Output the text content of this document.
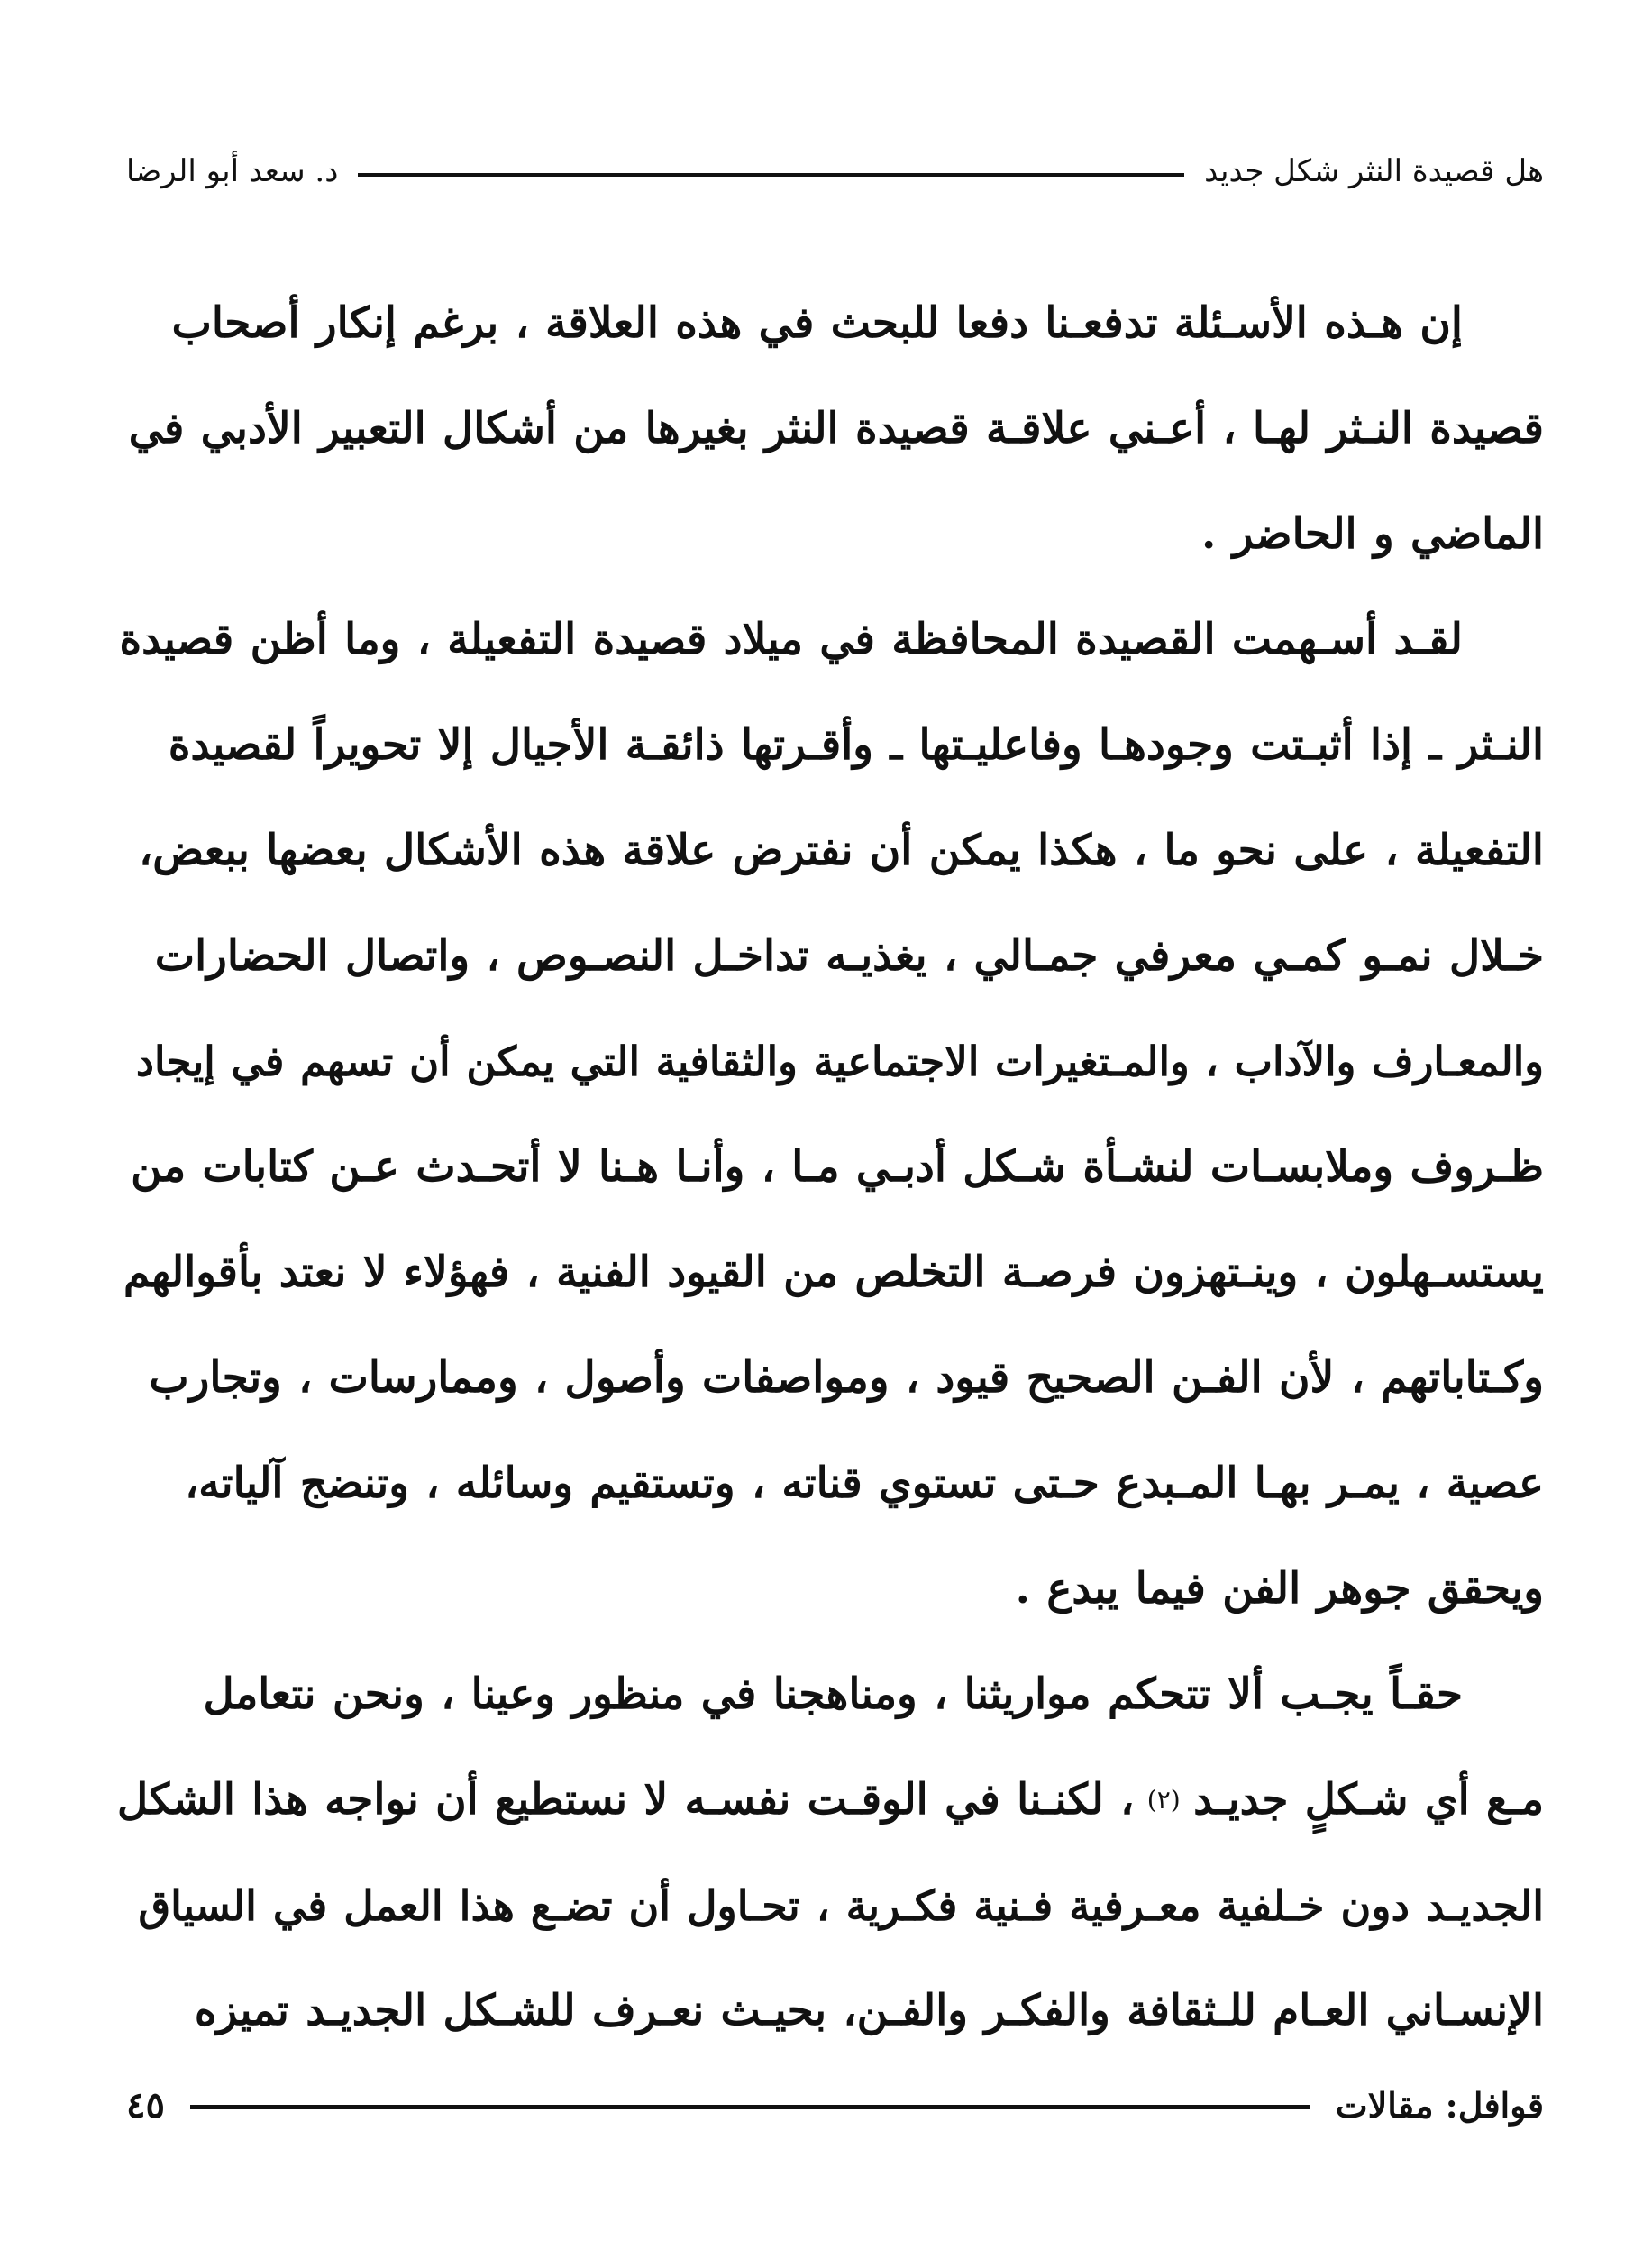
هل قصيدة النثر شكل جديد
د. سعد أبو الرضا
إن هـذه الأسـئلة تدفعـنا دفعا للبحث في هذه العلاقة ، برغم إنكار أصحاب
قصيدة النـثر لهـا ، أعـني علاقـة قصيدة النثر بغيرها من أشكال التعبير الأدبي في
الماضي و الحاضر .
لقـد أسـهمت القصيدة المحافظة في ميلاد قصيدة التفعيلة ، وما أظن قصيدة
النـثر ـ إذا أثبـتت وجودهـا وفاعليـتها ـ وأقـرتها ذائقـة الأجيال إلا تحويراً لقصيدة
التفعيلة ، على نحو ما ، هكذا يمكن أن نفترض علاقة هذه الأشكال بعضها ببعض،
خـلال نمـو كمـي معرفي جمـالي ، يغذيـه تداخـل النصـوص ، واتصال الحضارات
والمعـارف والآداب ، والمـتغيرات الاجتماعية والثقافية التي يمكن أن تسهم في إيجاد
ظـروف وملابسـات لنشـأة شـكل أدبـي مـا ، وأنـا هـنا لا أتحـدث عـن كتابات من
يستسـهلون ، وينـتهزون فرصـة التخلص من القيود الفنية ، فهؤلاء لا نعتد بأقوالهم
وكـتاباتهم ، لأن الفـن الصحيح قيود ، ومواصفات وأصول ، وممارسات ، وتجارب
عصية ، يمـر بهـا المـبدع حـتى تستوي قناته ، وتستقيم وسائله ، وتنضج آلياته،
ويحقق جوهر الفن فيما يبدع .
حقـاً يجـب ألا تتحكم مواريثنا ، ومناهجنا في منظور وعينا ، ونحن نتعامل
مـع أي شـكلٍ جديـد
(٢)
، لكنـنا في الوقـت نفسـه لا نستطيع أن نواجه هذا الشكل
الجديـد دون خـلفية معـرفية فـنية فكـرية ، تحـاول أن تضـع هذا العمل في السياق
الإنسـاني العـام للـثقافة والفكـر والفـن، بحيـث نعـرف للشـكل الجديـد تميزه
قوافل: مقالات
٤٥
